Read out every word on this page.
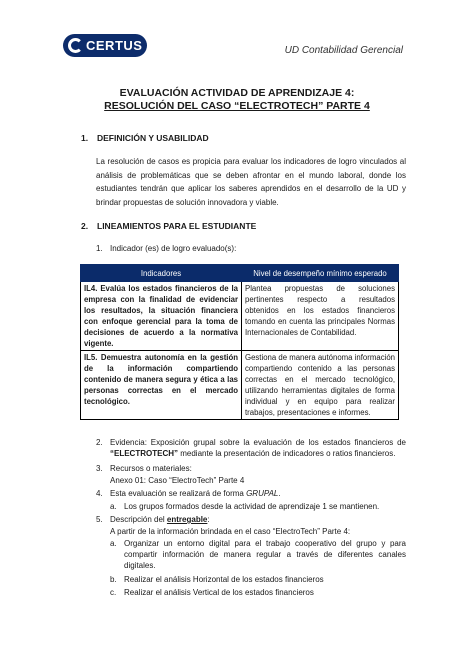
CERTUS	UD Contabilidad Gerencial
EVALUACIÓN ACTIVIDAD DE APRENDIZAJE 4:
RESOLUCIÓN DEL CASO “ELECTROTECH” PARTE 4
1. DEFINICIÓN Y USABILIDAD
La resolución de casos es propicia para evaluar los indicadores de logro vinculados al análisis de problemáticas que se deben afrontar en el mundo laboral, donde los estudiantes tendrán que aplicar los saberes aprendidos en el desarrollo de la UD y brindar propuestas de solución innovadora y viable.
2. LINEAMIENTOS PARA EL ESTUDIANTE
1. Indicador (es) de logro evaluado(s):
Indicadores	Nivel de desempeño mínimo esperado
IL4. Evalúa los estados financieros de la empresa con la finalidad de evidenciar los resultados, la situación financiera con enfoque gerencial para la toma de decisiones de acuerdo a la normativa vigente.	Plantea propuestas de soluciones pertinentes respecto a resultados obtenidos en los estados financieros tomando en cuenta las principales Normas Internacionales de Contabilidad.
IL5. Demuestra autonomía en la gestión de la información compartiendo contenido de manera segura y ética a las personas correctas en el mercado tecnológico.	Gestiona de manera autónoma información compartiendo contenido a las personas correctas en el mercado tecnológico, utilizando herramientas digitales de forma individual y en equipo para realizar trabajos, presentaciones e informes.
2. Evidencia: Exposición grupal sobre la evaluación de los estados financieros de “ELECTROTECH” mediante la presentación de indicadores o ratios financieros.
3. Recursos o materiales:
Anexo 01: Caso “ElectroTech” Parte 4
4. Esta evaluación se realizará de forma GRUPAL.
a. Los grupos formados desde la actividad de aprendizaje 1 se mantienen.
5. Descripción del entregable:
A partir de la información brindada en el caso “ElectroTech” Parte 4:
a. Organizar un entorno digital para el trabajo cooperativo del grupo y para compartir información de manera regular a través de diferentes canales digitales.
b. Realizar el análisis Horizontal de los estados financieros
c. Realizar el análisis Vertical de los estados financieros
